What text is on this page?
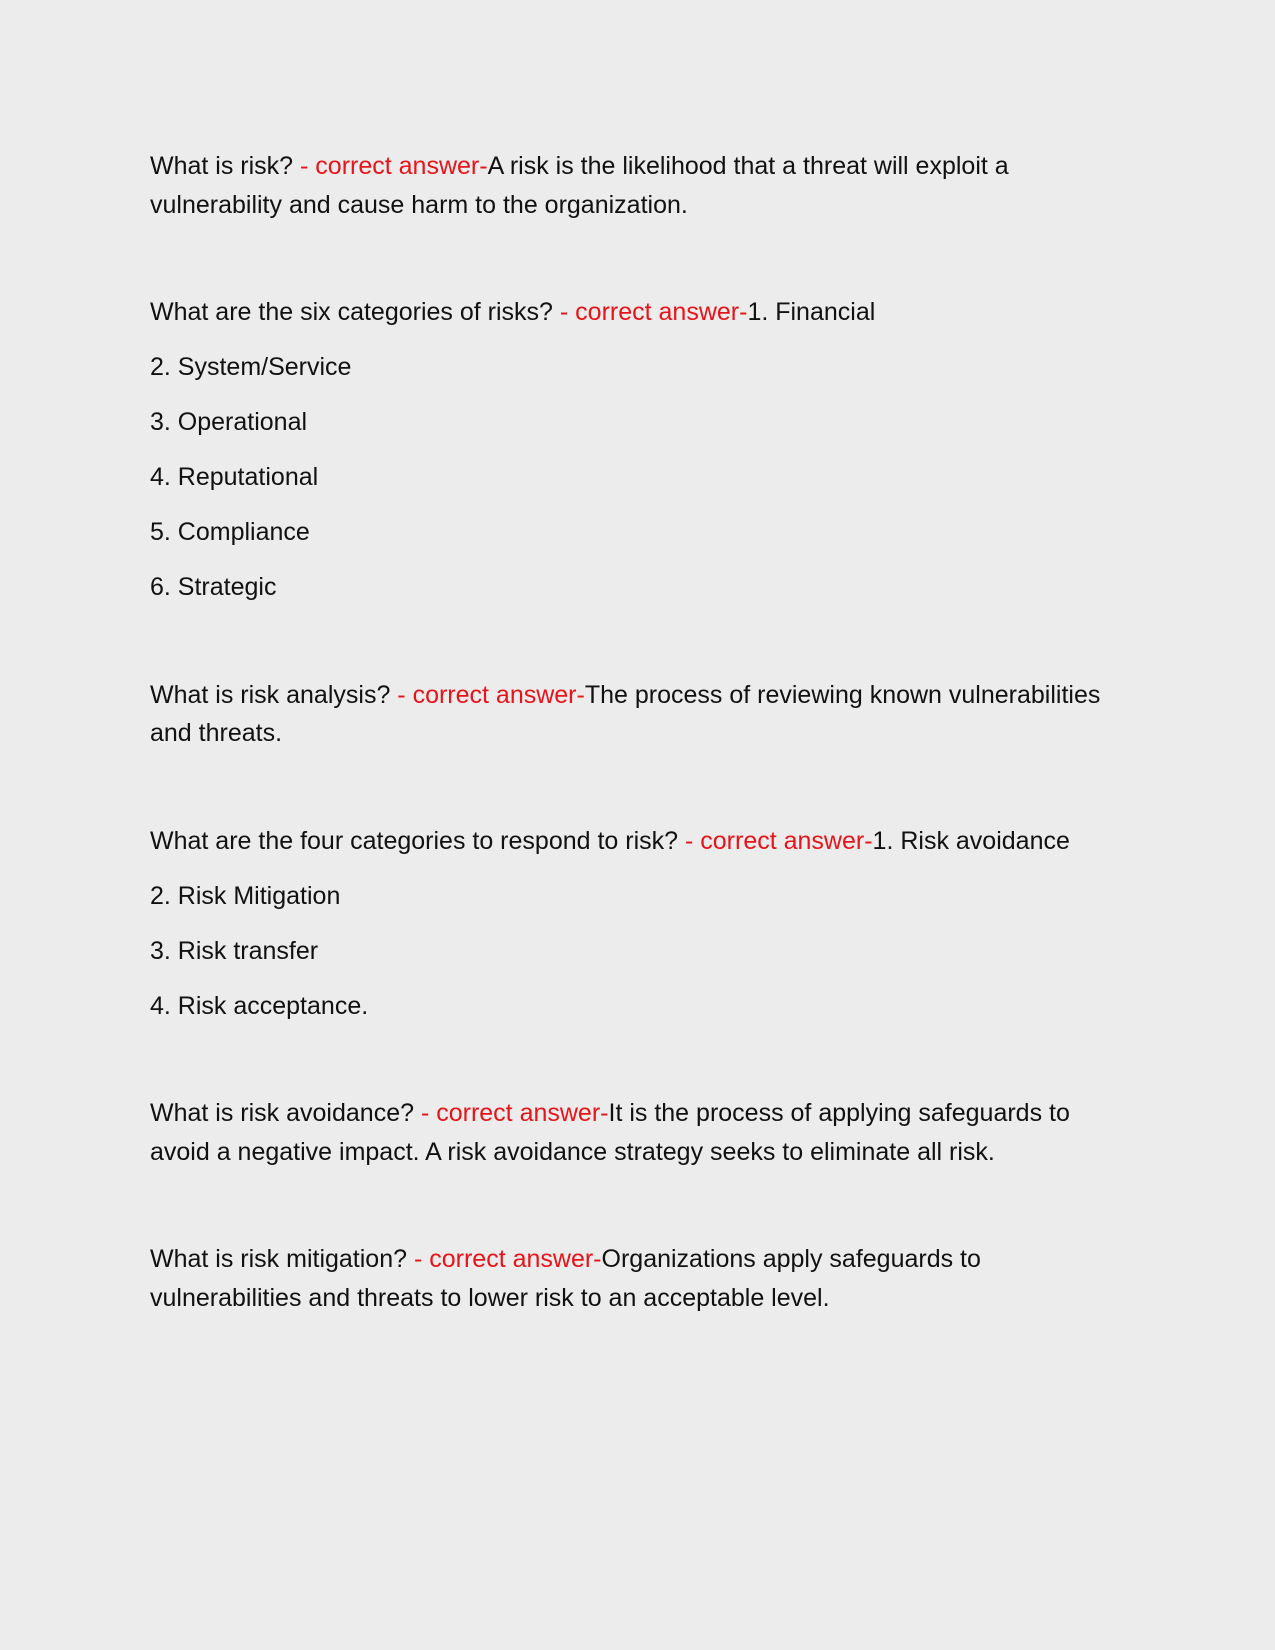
What is risk? - correct answer-A risk is the likelihood that a threat will exploit a vulnerability and cause harm to the organization.
What are the six categories of risks? - correct answer-1. Financial
2. System/Service
3. Operational
4. Reputational
5. Compliance
6. Strategic
What is risk analysis? - correct answer-The process of reviewing known vulnerabilities and threats.
What are the four categories to respond to risk? - correct answer-1. Risk avoidance
2. Risk Mitigation
3. Risk transfer
4. Risk acceptance.
What is risk avoidance? - correct answer-It is the process of applying safeguards to avoid a negative impact. A risk avoidance strategy seeks to eliminate all risk.
What is risk mitigation? - correct answer-Organizations apply safeguards to vulnerabilities and threats to lower risk to an acceptable level.
